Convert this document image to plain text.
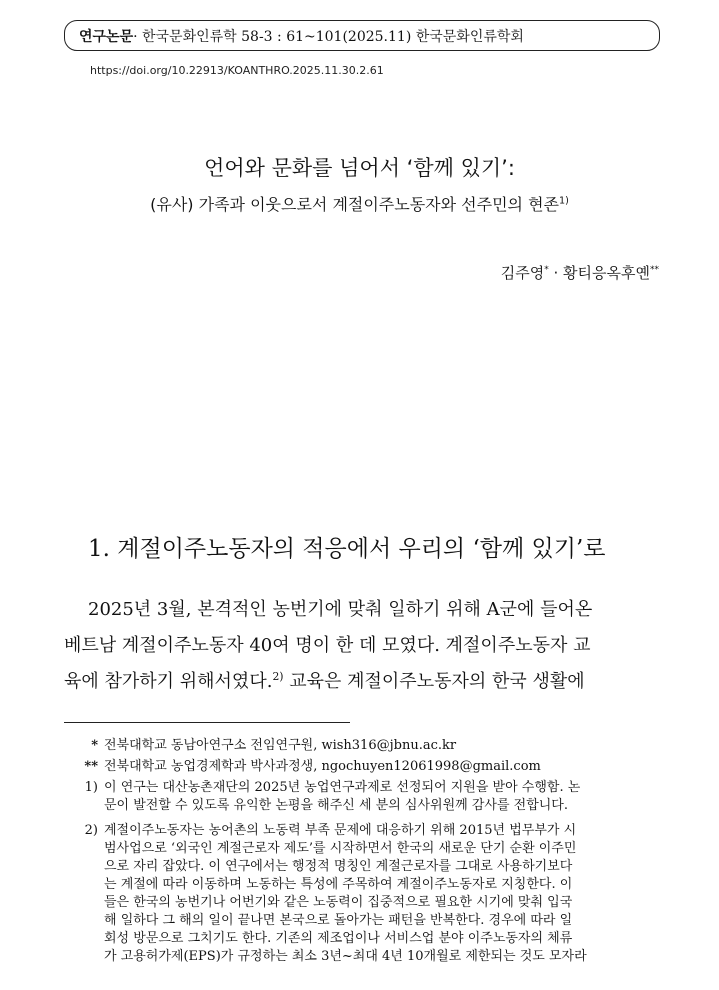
연구논문 · 한국문화인류학 58-3 : 61~101(2025.11) 한국문화인류학회
https://doi.org/10.22913/KOANTHRO.2025.11.30.2.61
언어와 문화를 넘어서 ‘함께 있기’:
(유사) 가족과 이웃으로서 계절이주노동자와 선주민의 현존$^{1)}$
김주영* · 황티응옥후옌**
1. 계절이주노동자의 적응에서 우리의 ‘함께 있기’로
2025년 3월, 본격적인 농번기에 맞춰 일하기 위해 A군에 들어온
베트남 계절이주노동자 40여 명이 한 데 모였다. 계절이주노동자 교
육에 참가하기 위해서였다.$^{2)}$ 교육은 계절이주노동자의 한국 생활에
* 전북대학교 동남아연구소 전임연구원, wish316@jbnu.ac.kr
** 전북대학교 농업경제학과 박사과정생, ngochuyen12061998@gmail.com
1) 이 연구는 대산농촌재단의 2025년 농업연구과제로 선정되어 지원을 받아 수행함. 논
문이 발전할 수 있도록 유익한 논평을 해주신 세 분의 심사위원께 감사를 전합니다.
2) 계절이주노동자는 농어촌의 노동력 부족 문제에 대응하기 위해 2015년 법무부가 시
범사업으로 ‘외국인 계절근로자 제도’를 시작하면서 한국의 새로운 단기 순환 이주민
으로 자리 잡았다. 이 연구에서는 행정적 명칭인 계절근로자를 그대로 사용하기보다
는 계절에 따라 이동하며 노동하는 특성에 주목하여 계절이주노동자로 지칭한다. 이
들은 한국의 농번기나 어번기와 같은 노동력이 집중적으로 필요한 시기에 맞춰 입국
해 일하다 그 해의 일이 끝나면 본국으로 돌아가는 패턴을 반복한다. 경우에 따라 일
회성 방문으로 그치기도 한다. 기존의 제조업이나 서비스업 분야 이주노동자의 체류
가 고용허가제(EPS)가 규정하는 최소 3년~최대 4년 10개월로 제한되는 것도 모자라
